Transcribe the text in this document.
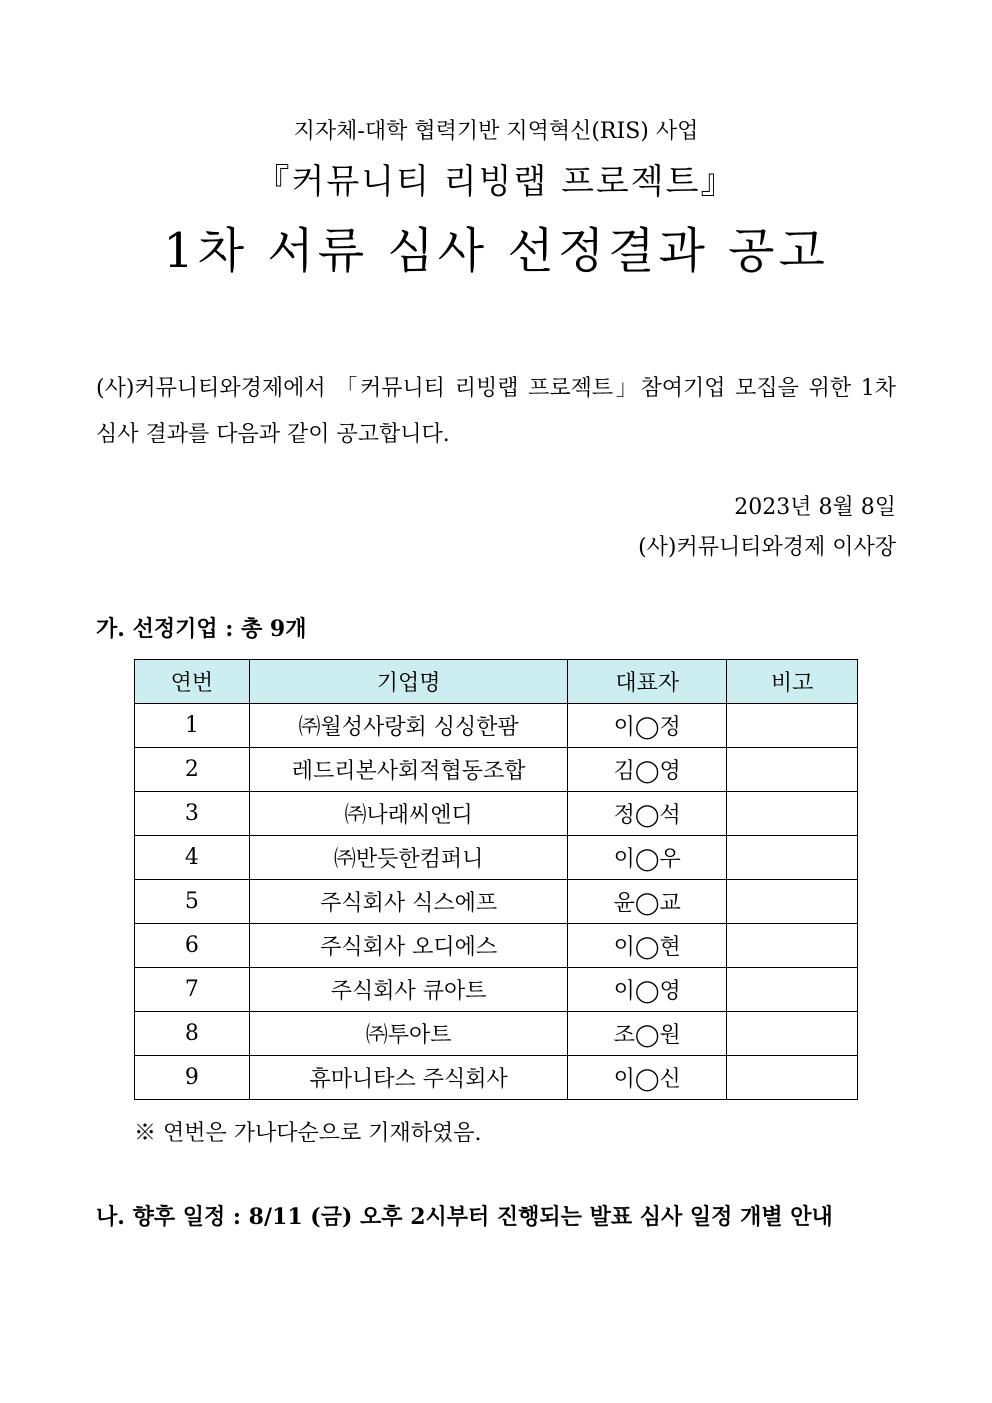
지자체-대학 협력기반 지역혁신(RIS) 사업
『커뮤니티 리빙랩 프로젝트』
1차 서류 심사 선정결과 공고
(사)커뮤니티와경제에서 「커뮤니티 리빙랩 프로젝트」참여기업 모집을 위한 1차 심사 결과를 다음과 같이 공고합니다.
2023년 8월 8일
(사)커뮤니티와경제 이사장
가. 선정기업 : 총 9개
연번	기업명	대표자	비고
1	㈜월성사랑회 싱싱한팜	이◯정	
2	레드리본사회적협동조합	김◯영	
3	㈜나래씨엔디	정◯석	
4	㈜반듯한컴퍼니	이◯우	
5	주식회사 식스에프	윤◯교	
6	주식회사 오디에스	이◯현	
7	주식회사 큐아트	이◯영	
8	㈜투아트	조◯원	
9	휴마니타스 주식회사	이◯신	
※ 연번은 가나다순으로 기재하였음.
나. 향후 일정 : 8/11 (금) 오후 2시부터 진행되는 발표 심사 일정 개별 안내
